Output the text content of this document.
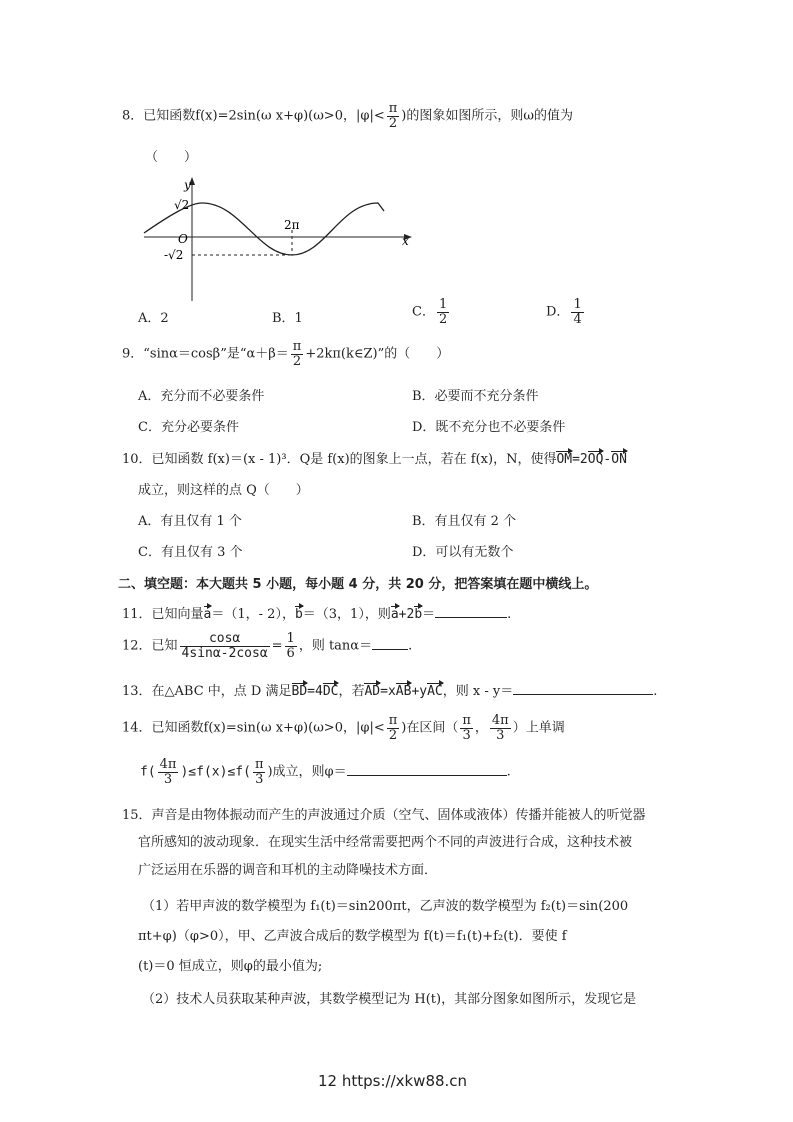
8．已知函数f(x)=2sin(ω x+φ)(ω>0，$|\varphi|< \frac{\pi}{2}$ )的图象如图所示，则ω的值为
（　　）
y
x
O
√2
-√2
2π
A．2	B．1	C． $\frac{1}{2}$	D． $\frac{1}{4}$
9．“sinα＝cosβ”是“$\alpha+\beta= \frac{\pi}{2}$ +2kπ(k∈Z)”的（　　）
A．充分而不必要条件	B．必要而不充分条件
C．充分必要条件	D．既不充分也不必要条件
10．已知函数 f(x)＝(x - 1)³．Q是 f(x)的图象上一点，若在 f(x)，N，使得OM=2OQ-ON
成立，则这样的点 Q（　　）
A．有且仅有 1 个	B．有且仅有 2 个
C．有且仅有 3 个	D．可以有无数个
二、填空题：本大题共 5 小题，每小题 4 分，共 20 分，把答案填在题中横线上。
11．已知向量a＝（1，- 2），b＝（3，1），则a+2b＝	.
12．已知 $\frac{\cos\alpha}{4\sin\alpha-2\cos\alpha} = \frac{1}{6}$ ，则 tanα＝	.
13．在△ABC 中，点 D 满足BD=4DC，若AD=xAB+yAC，则 x - y＝	.
14．已知函数f(x)=sin(ω x+φ)(ω>0，$|\varphi|< \frac{\pi}{2}$ )在区间（ $\frac{\pi}{3}$ ， $\frac{4\pi}{3}$ ）上单调
$f( \frac{4\pi}{3} )\le f(x)\le f( \frac{\pi}{3}$ )成立，则φ＝	.
15．声音是由物体振动而产生的声波通过介质（空气、固体或液体）传播并能被人的听觉器
官所感知的波动现象．在现实生活中经常需要把两个不同的声波进行合成，这种技术被
广泛运用在乐器的调音和耳机的主动降噪技术方面．
（1）若甲声波的数学模型为 f₁(t)＝sin200πt，乙声波的数学模型为 f₂(t)＝sin(200
πt+φ)（φ>0），甲、乙声波合成后的数学模型为 f(t)＝f₁(t)+f₂(t)．要使 f
(t)＝0 恒成立，则φ的最小值为;
（2）技术人员获取某种声波，其数学模型记为 H(t)，其部分图象如图所示，发现它是
12 https://xkw88.cn
